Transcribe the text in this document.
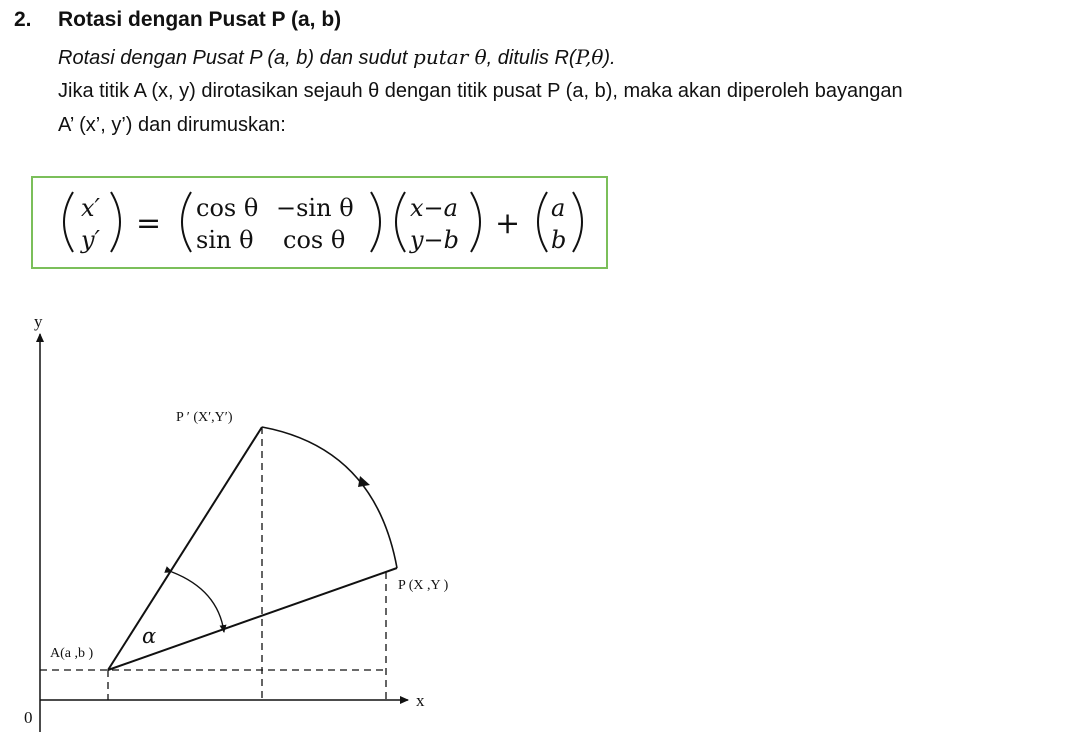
2. Rotasi dengan Pusat P (a, b)
Rotasi dengan Pusat P (a, b) dan sudut putar θ, ditulis R(P,θ).
Jika titik A (x, y) dirotasikan sejauh θ dengan titik pusat P (a, b), maka akan diperoleh bayangan
A’ (x’, y’) dan dirumuskan:
x′
y′ = cos θ −sin θ
sin θ cos θ
x−a
y−b + a
b
y
x
0
α
A(a ,b )
P (X ,Y )
P ′ (X′,Y′)
